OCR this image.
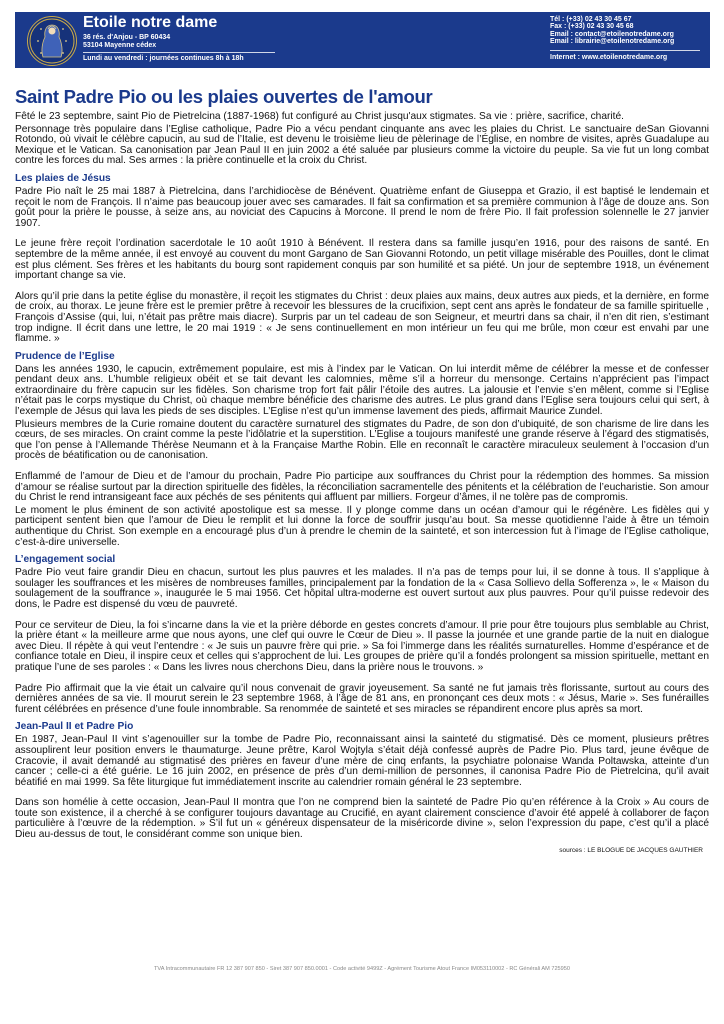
Etoile notre dame
36 rés. d'Anjou - BP 60434
53104 Mayenne cédex
Lundi au vendredi : journées continues 8h à 18h
Tél : (+33) 02 43 30 45 67
Fax : (+33) 02 43 30 45 68
Email : contact@etoilenotredame.org
Email : librairie@etoilenotredame.org
Internet : www.etoilenotredame.org
Saint Padre Pio ou les plaies ouvertes de l'amour

Fêté le 23 septembre, saint Pio de Pietrelcina (1887-1968) fut configuré au Christ jusqu'aux stigmates. Sa vie : prière, sacrifice, charité.

Personnage très populaire dans l’Eglise catholique, Padre Pio a vécu pendant cinquante ans avec les plaies du Christ. Le sanctuaire deSan Giovanni Rotondo, où vivait le célèbre capucin, au sud de l’Italie, est devenu le troisième lieu de pèlerinage de l’Église, en nombre de visites, après Guadalupe au Mexique et le Vatican. Sa canonisation par Jean Paul II en juin 2002 a été saluée par plusieurs comme la victoire du peuple. Sa vie fut un long combat contre les forces du mal. Ses armes : la prière continuelle et la croix du Christ.

Les plaies de Jésus

Padre Pio naît le 25 mai 1887 à Pietrelcina, dans l’archidiocèse de Bénévent. Quatrième enfant de Giuseppa et Grazio, il est baptisé le lendemain et reçoit le nom de François. Il n’aime pas beaucoup jouer avec ses camarades. Il fait sa confirmation et sa première communion à l’âge de douze ans. Son goût pour la prière le pousse, à seize ans, au noviciat des Capucins à Morcone. Il prend le nom de frère Pio. Il fait profession solennelle le 27 janvier 1907.

Le jeune frère reçoit l’ordination sacerdotale le 10 août 1910 à Bénévent. Il restera dans sa famille jusqu’en 1916, pour des raisons de santé. En septembre de la même année, il est envoyé au couvent du mont Gargano de San Giovanni Rotondo, un petit village misérable des Pouilles, dont le climat est plus clément. Ses frères et les habitants du bourg sont rapidement conquis par son humilité et sa piété. Un jour de septembre 1918, un événement important change sa vie.

Alors qu’il prie dans la petite église du monastère, il reçoit les stigmates du Christ : deux plaies aux mains, deux autres aux pieds, et la dernière, en forme de croix, au thorax. Le jeune frère est le premier prêtre à recevoir les blessures de la crucifixion, sept cent ans après le fondateur de sa famille spirituelle , François d’Assise (qui, lui, n’était pas prêtre mais diacre). Surpris par un tel cadeau de son Seigneur, et meurtri dans sa chair, il n’en dit rien, s’estimant trop indigne. Il écrit dans une lettre, le 20 mai 1919 : « Je sens continuellement en mon intérieur un feu qui me brûle, mon cœur est envahi par une flamme. »

Prudence de l’Eglise

Dans les années 1930, le capucin, extrêmement populaire, est mis à l’index par le Vatican. On lui interdit même de célébrer la messe et de confesser pendant deux ans. L’humble religieux obéit et se tait devant les calomnies, même s’il a horreur du mensonge. Certains n’apprécient pas l’impact extraordinaire du frère capucin sur les fidèles. Son charisme trop fort fait pâlir l’étoile des autres. La jalousie et l’envie s’en mêlent, comme si l’Eglise n’était pas le corps mystique du Christ, où chaque membre bénéficie des charisme des autres. Le plus grand dans l’Eglise sera toujours celui qui sert, à l’exemple de Jésus qui lava les pieds de ses disciples. L’Eglise n’est qu’un immense lavement des pieds, affirmait Maurice Zundel.

Plusieurs membres de la Curie romaine doutent du caractère surnaturel des stigmates du Padre, de son don d’ubiquité, de son charisme de lire dans les cœurs, de ses miracles. On craint comme la peste l’idôlatrie et la superstition. L’Eglise a toujours manifesté une grande réserve à l’égard des stigmatisés, que l’on pense à l’Allemande Thérèse Neumann et à la Française Marthe Robin. Elle en reconnaît le caractère miraculeux seulement à l’occasion d’un procès de béatification ou de canonisation.

Enflammé de l’amour de Dieu et de l’amour du prochain, Padre Pio participe aux souffrances du Christ pour la rédemption des hommes. Sa mission d’amour se réalise surtout par la direction spirituelle des fidèles, la réconciliation sacramentelle des pénitents et la célébration de l’eucharistie. Son amour du Christ le rend intransigeant face aux péchés de ses pénitents qui affluent par milliers. Forgeur d’âmes, il ne tolère pas de compromis.

Le moment le plus éminent de son activité apostolique est sa messe. Il y plonge comme dans un océan d’amour qui le régénère. Les fidèles qui y participent sentent bien que l’amour de Dieu le remplit et lui donne la force de souffrir jusqu’au bout. Sa messe quotidienne l’aide à être un témoin authentique du Christ. Son exemple en a encouragé plus d’un à prendre le chemin de la sainteté, et son intercession fut à l’image de l’Eglise catholique, c’est-à-dire universelle.

L’engagement social

Padre Pio veut faire grandir Dieu en chacun, surtout les plus pauvres et les malades. Il n’a pas de temps pour lui, il se donne à tous. Il s’applique à soulager les souffrances et les misères de nombreuses familles, principalement par la fondation de la « Casa Sollievo della Sofferenza », le « Maison du soulagement de la souffrance », inaugurée le 5 mai 1956. Cet hôpital ultra-moderne est ouvert surtout aux plus pauvres. Pour qu’il puisse redevoir des dons, le Padre est dispensé du vœu de pauvreté.

Pour ce serviteur de Dieu, la foi s’incarne dans la vie et la prière déborde en gestes concrets d’amour. Il prie pour être toujours plus semblable au Christ, la prière étant « la meilleure arme que nous ayons, une clef qui ouvre le Cœur de Dieu ». Il passe la journée et une grande partie de la nuit en dialogue avec Dieu. Il répète à qui veut l’entendre : « Je suis un pauvre frère qui prie. » Sa foi l’immerge dans les réalités surnaturelles. Homme d’espérance et de confiance totale en Dieu, il inspire ceux et celles qui s’approchent de lui. Les groupes de prière qu’il a fondés prolongent sa mission spirituelle, mettant en pratique l’une de ses paroles : « Dans les livres nous cherchons Dieu, dans la prière nous le trouvons. »

Padre Pio affirmait que la vie était un calvaire qu’il nous convenait de gravir joyeusement. Sa santé ne fut jamais très florissante, surtout au cours des dernières années de sa vie. Il mourut serein le 23 septembre 1968, à l’âge de 81 ans, en prononçant ces deux mots : « Jésus, Marie ». Ses funérailles furent célébrées en présence d’une foule innombrable. Sa renommée de sainteté et ses miracles se répandirent encore plus après sa mort.

Jean-Paul II et Padre Pio

En 1987, Jean-Paul II vint s’agenouiller sur la tombe de Padre Pio, reconnaissant ainsi la sainteté du stigmatisé. Dès ce moment, plusieurs prêtres assouplirent leur position envers le thaumaturge. Jeune prêtre, Karol Wojtyla s’était déjà confessé auprès de Padre Pio. Plus tard, jeune évêque de Cracovie, il avait demandé au stigmatisé des prières en faveur d’une mère de cinq enfants, la psychiatre polonaise Wanda Poltawska, atteinte d’un cancer ; celle-ci a été guérie. Le 16 juin 2002, en présence de près d’un demi-million de personnes, il canonisa Padre Pio de Pietrelcina, qu’il avait béatifié en mai 1999. Sa fête liturgique fut immédiatement inscrite au calendrier romain général le 23 septembre.

Dans son homélie à cette occasion, Jean-Paul II montra que l’on ne comprend bien la sainteté de Padre Pio qu’en référence à la Croix » Au cours de toute son existence, il a cherché à se configurer toujours davantage au Crucifié, en ayant clairement conscience d’avoir été appelé à collaborer de façon particulière à l’œuvre de la rédemption. » S’il fut un « généreux dispensateur de la miséricorde divine », selon l’expression du pape, c’est qu’il a placé Dieu au-dessus de tout, le considérant comme son unique bien.

sources : LE BLOGUE DE JACQUES GAUTHIER
TVA Intracommunautaire FR 12 387 907 850 - Siret 387 907 850.0001 - Code activité 9499Z - Agrément Tourisme Atout France IM053110002 - RC Générali AM 725950
